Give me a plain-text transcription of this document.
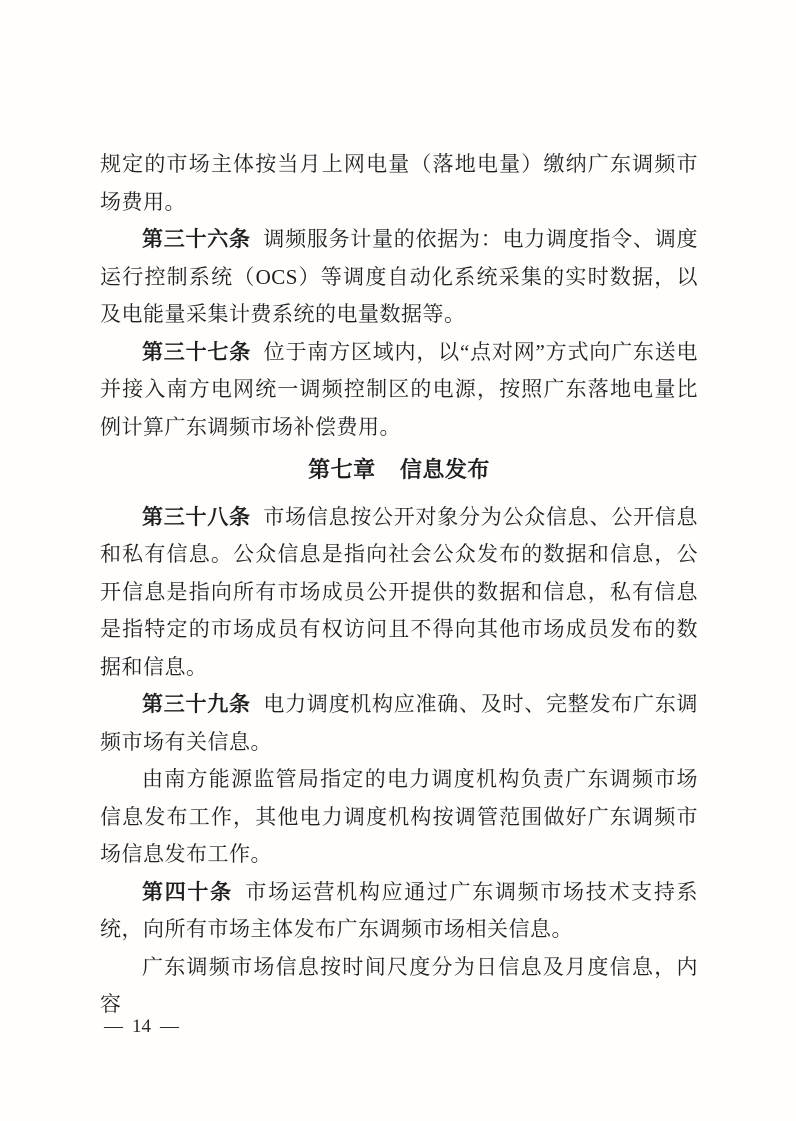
规定的市场主体按当月上网电量（落地电量）缴纳广东调频市场费用。
第三十六条 调频服务计量的依据为：电力调度指令、调度运行控制系统（OCS）等调度自动化系统采集的实时数据，以及电能量采集计费系统的电量数据等。
第三十七条 位于南方区域内，以“点对网”方式向广东送电并接入南方电网统一调频控制区的电源，按照广东落地电量比例计算广东调频市场补偿费用。
第七章 信息发布
第三十八条 市场信息按公开对象分为公众信息、公开信息和私有信息。公众信息是指向社会公众发布的数据和信息，公开信息是指向所有市场成员公开提供的数据和信息，私有信息是指特定的市场成员有权访问且不得向其他市场成员发布的数据和信息。
第三十九条 电力调度机构应准确、及时、完整发布广东调频市场有关信息。
由南方能源监管局指定的电力调度机构负责广东调频市场信息发布工作，其他电力调度机构按调管范围做好广东调频市场信息发布工作。
第四十条 市场运营机构应通过广东调频市场技术支持系统，向所有市场主体发布广东调频市场相关信息。
广东调频市场信息按时间尺度分为日信息及月度信息，内容
— 14 —
